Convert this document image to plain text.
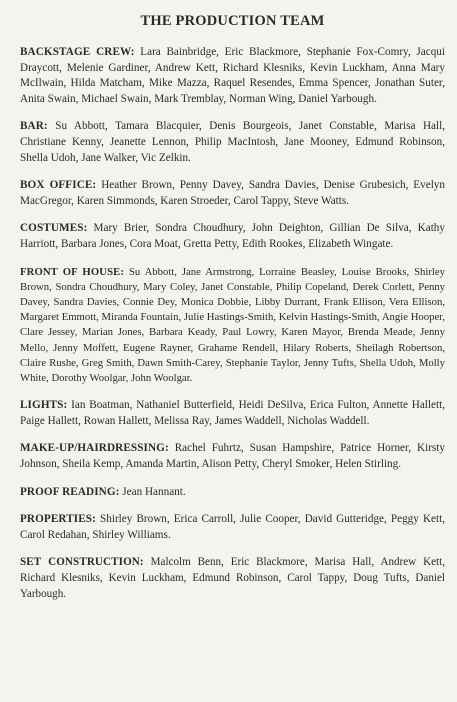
THE PRODUCTION TEAM
BACKSTAGE CREW: Lara Bainbridge, Eric Blackmore, Stephanie Fox-Comry, Jacqui Draycott, Melenie Gardiner, Andrew Kett, Richard Klesniks, Kevin Luckham, Anna Mary McIlwain, Hilda Matcham, Mike Mazza, Raquel Resendes, Emma Spencer, Jonathan Suter, Anita Swain, Michael Swain, Mark Tremblay, Norman Wing, Daniel Yarbough.
BAR: Su Abbott, Tamara Blacquier, Denis Bourgeois, Janet Constable, Marisa Hall, Christiane Kenny, Jeanette Lennon, Philip MacIntosh, Jane Mooney, Edmund Robinson, Shella Udoh, Jane Walker, Vic Zelkin.
BOX OFFICE: Heather Brown, Penny Davey, Sandra Davies, Denise Grubesich, Evelyn MacGregor, Karen Simmonds, Karen Stroeder, Carol Tappy, Steve Watts.
COSTUMES: Mary Brier, Sondra Choudhury, John Deighton, Gillian De Silva, Kathy Harriott, Barbara Jones, Cora Moat, Gretta Petty, Edith Rookes, Elizabeth Wingate.
FRONT OF HOUSE: Su Abbott, Jane Armstrong, Lorraine Beasley, Louise Brooks, Shirley Brown, Sondra Choudhury, Mary Coley, Janet Constable, Philip Copeland, Derek Corlett, Penny Davey, Sandra Davies, Connie Dey, Monica Dobbie, Libby Durrant, Frank Ellison, Vera Ellison, Margaret Emmott, Miranda Fountain, Julie Hastings-Smith, Kelvin Hastings-Smith, Angie Hooper, Clare Jessey, Marian Jones, Barbara Keady, Paul Lowry, Karen Mayor, Brenda Meade, Jenny Mello, Jenny Moffett, Eugene Rayner, Grahame Rendell, Hilary Roberts, Sheilagh Robertson, Claire Rushe, Greg Smith, Dawn Smith-Carey, Stephanie Taylor, Jenny Tufts, Shella Udoh, Molly White, Dorothy Woolgar, John Woolgar.
LIGHTS: Ian Boatman, Nathaniel Butterfield, Heidi DeSilva, Erica Fulton, Annette Hallett, Paige Hallett, Rowan Hallett, Melissa Ray, James Waddell, Nicholas Waddell.
MAKE-UP/HAIRDRESSING: Rachel Fuhrtz, Susan Hampshire, Patrice Horner, Kirsty Johnson, Sheila Kemp, Amanda Martin, Alison Petty, Cheryl Smoker, Helen Stirling.
PROOF READING: Jean Hannant.
PROPERTIES: Shirley Brown, Erica Carroll, Julie Cooper, David Gutteridge, Peggy Kett, Carol Redahan, Shirley Williams.
SET CONSTRUCTION: Malcolm Benn, Eric Blackmore, Marisa Hall, Andrew Kett, Richard Klesniks, Kevin Luckham, Edmund Robinson, Carol Tappy, Doug Tufts, Daniel Yarbough.
